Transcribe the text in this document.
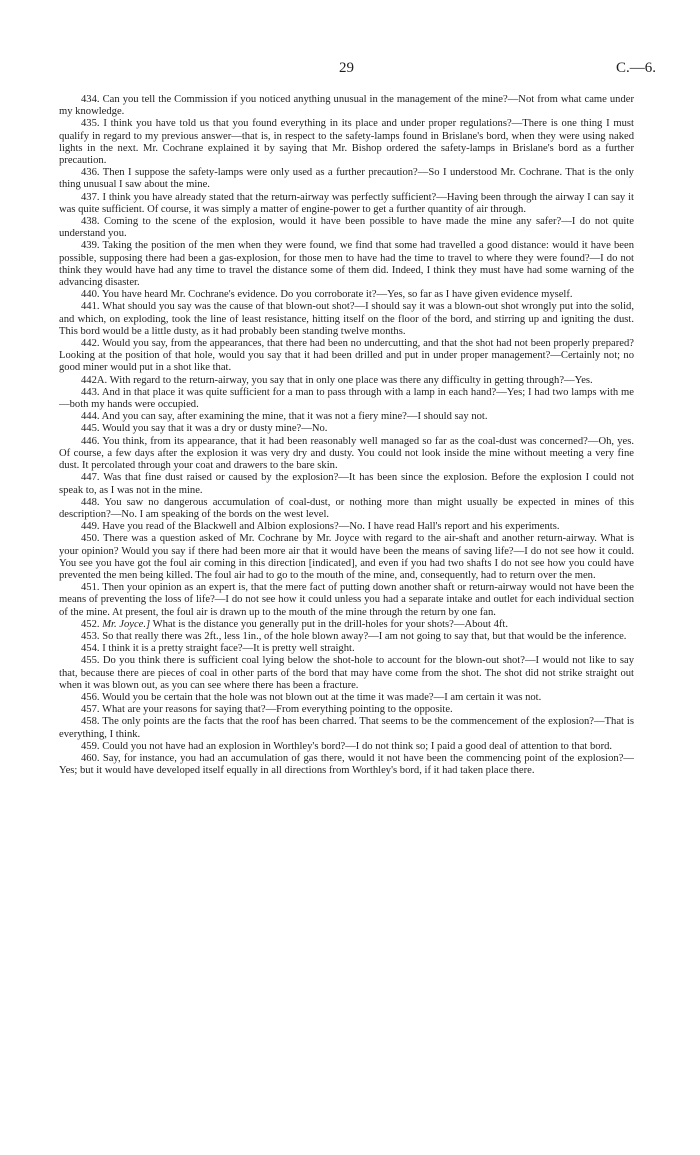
29	C.—6.

434. Can you tell the Commission if you noticed anything unusual in the management of the mine?—Not from what came under my knowledge.

435. I think you have told us that you found everything in its place and under proper regulations?—There is one thing I must qualify in regard to my previous answer—that is, in respect to the safety-lamps found in Brislane's bord, when they were using naked lights in the next. Mr. Cochrane explained it by saying that Mr. Bishop ordered the safety-lamps in Brislane's bord as a further precaution.

436. Then I suppose the safety-lamps were only used as a further precaution?—So I understood Mr. Cochrane. That is the only thing unusual I saw about the mine.

437. I think you have already stated that the return-airway was perfectly sufficient?—Having been through the airway I can say it was quite sufficient. Of course, it was simply a matter of engine-power to get a further quantity of air through.

438. Coming to the scene of the explosion, would it have been possible to have made the mine any safer?—I do not quite understand you.

439. Taking the position of the men when they were found, we find that some had travelled a good distance: would it have been possible, supposing there had been a gas-explosion, for those men to have had the time to travel to where they were found?—I do not think they would have had any time to travel the distance some of them did. Indeed, I think they must have had some warning of the advancing disaster.

440. You have heard Mr. Cochrane's evidence. Do you corroborate it?—Yes, so far as I have given evidence myself.

441. What should you say was the cause of that blown-out shot?—I should say it was a blown-out shot wrongly put into the solid, and which, on exploding, took the line of least resistance, hitting itself on the floor of the bord, and stirring up and igniting the dust. This bord would be a little dusty, as it had probably been standing twelve months.

442. Would you say, from the appearances, that there had been no undercutting, and that the shot had not been properly prepared? Looking at the position of that hole, would you say that it had been drilled and put in under proper management?—Certainly not; no good miner would put in a shot like that.

442A. With regard to the return-airway, you say that in only one place was there any difficulty in getting through?—Yes.

443. And in that place it was quite sufficient for a man to pass through with a lamp in each hand?—Yes; I had two lamps with me—both my hands were occupied.

444. And you can say, after examining the mine, that it was not a fiery mine?—I should say not.

445. Would you say that it was a dry or dusty mine?—No.

446. You think, from its appearance, that it had been reasonably well managed so far as the coal-dust was concerned?—Oh, yes. Of course, a few days after the explosion it was very dry and dusty. You could not look inside the mine without meeting a very fine dust. It percolated through your coat and drawers to the bare skin.

447. Was that fine dust raised or caused by the explosion?—It has been since the explosion. Before the explosion I could not speak to, as I was not in the mine.

448. You saw no dangerous accumulation of coal-dust, or nothing more than might usually be expected in mines of this description?—No. I am speaking of the bords on the west level.

449. Have you read of the Blackwell and Albion explosions?—No. I have read Hall's report and his experiments.

450. There was a question asked of Mr. Cochrane by Mr. Joyce with regard to the air-shaft and another return-airway. What is your opinion? Would you say if there had been more air that it would have been the means of saving life?—I do not see how it could. You see you have got the foul air coming in this direction [indicated], and even if you had two shafts I do not see how you could have prevented the men being killed. The foul air had to go to the mouth of the mine, and, consequently, had to return over the men.

451. Then your opinion as an expert is, that the mere fact of putting down another shaft or return-airway would not have been the means of preventing the loss of life?—I do not see how it could unless you had a separate intake and outlet for each individual section of the mine. At present, the foul air is drawn up to the mouth of the mine through the return by one fan.

452. Mr. Joyce.] What is the distance you generally put in the drill-holes for your shots?—About 4ft.

453. So that really there was 2ft., less 1in., of the hole blown away?—I am not going to say that, but that would be the inference.

454. I think it is a pretty straight face?—It is pretty well straight.

455. Do you think there is sufficient coal lying below the shot-hole to account for the blown-out shot?—I would not like to say that, because there are pieces of coal in other parts of the bord that may have come from the shot. The shot did not strike straight out when it was blown out, as you can see where there has been a fracture.

456. Would you be certain that the hole was not blown out at the time it was made?—I am certain it was not.

457. What are your reasons for saying that?—From everything pointing to the opposite.

458. The only points are the facts that the roof has been charred. That seems to be the commencement of the explosion?—That is everything, I think.

459. Could you not have had an explosion in Worthley's bord?—I do not think so; I paid a good deal of attention to that bord.

460. Say, for instance, you had an accumulation of gas there, would it not have been the commencing point of the explosion?—Yes; but it would have developed itself equally in all directions from Worthley's bord, if it had taken place there.
